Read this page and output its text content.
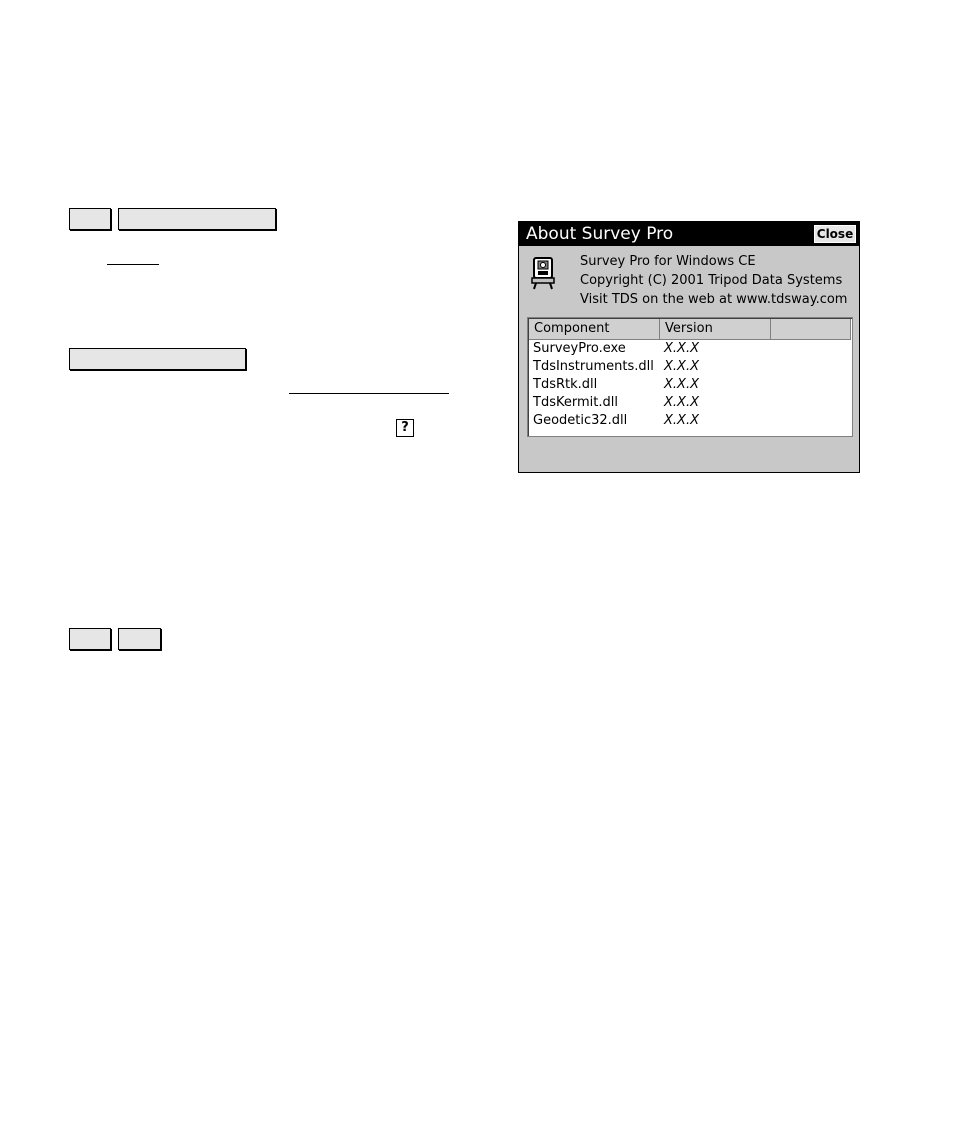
?
About Survey Pro	Close
Survey Pro for Windows CE
Copyright (C) 2001 Tripod Data Systems
Visit TDS on the web at www.tdsway.com
Component	Version
SurveyPro.exe	X.X.X
TdsInstruments.dll X.X.X
TdsRtk.dll	X.X.X
TdsKermit.dll	X.X.X
Geodetic32.dll	X.X.X
